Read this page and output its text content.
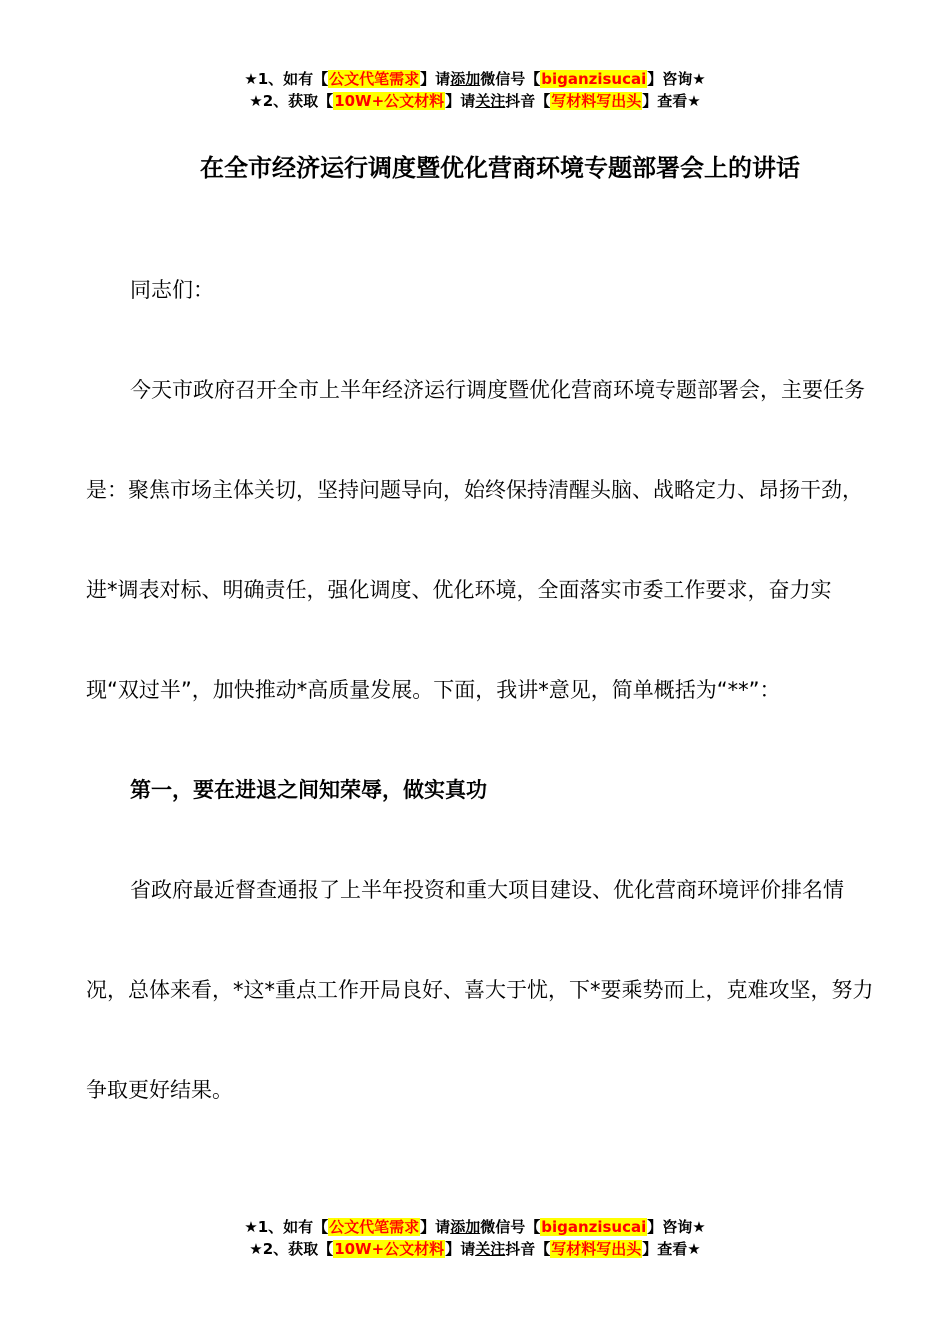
★1、如有【公文代笔需求】请添加微信号【biganzisucai】咨询★
★2、获取【10W+公文材料】请关注抖音【写材料写出头】查看★
在全市经济运行调度暨优化营商环境专题部署会上的讲话

同志们：

今天市政府召开全市上半年经济运行调度暨优化营商环境专题部署会，主要任务是：聚焦市场主体关切，坚持问题导向，始终保持清醒头脑、战略定力、昂扬干劲，进*调表对标、明确责任，强化调度、优化环境，全面落实市委工作要求，奋力实现“双过半”，加快推动*高质量发展。下面，我讲*意见，简单概括为“**”：

第一，要在进退之间知荣辱，做实真功

省政府最近督查通报了上半年投资和重大项目建设、优化营商环境评价排名情况，总体来看，*这*重点工作开局良好、喜大于忧，下*要乘势而上，克难攻坚，努力争取更好结果。

★1、如有【公文代笔需求】请添加微信号【biganzisucai】咨询★
★2、获取【10W+公文材料】请关注抖音【写材料写出头】查看★
